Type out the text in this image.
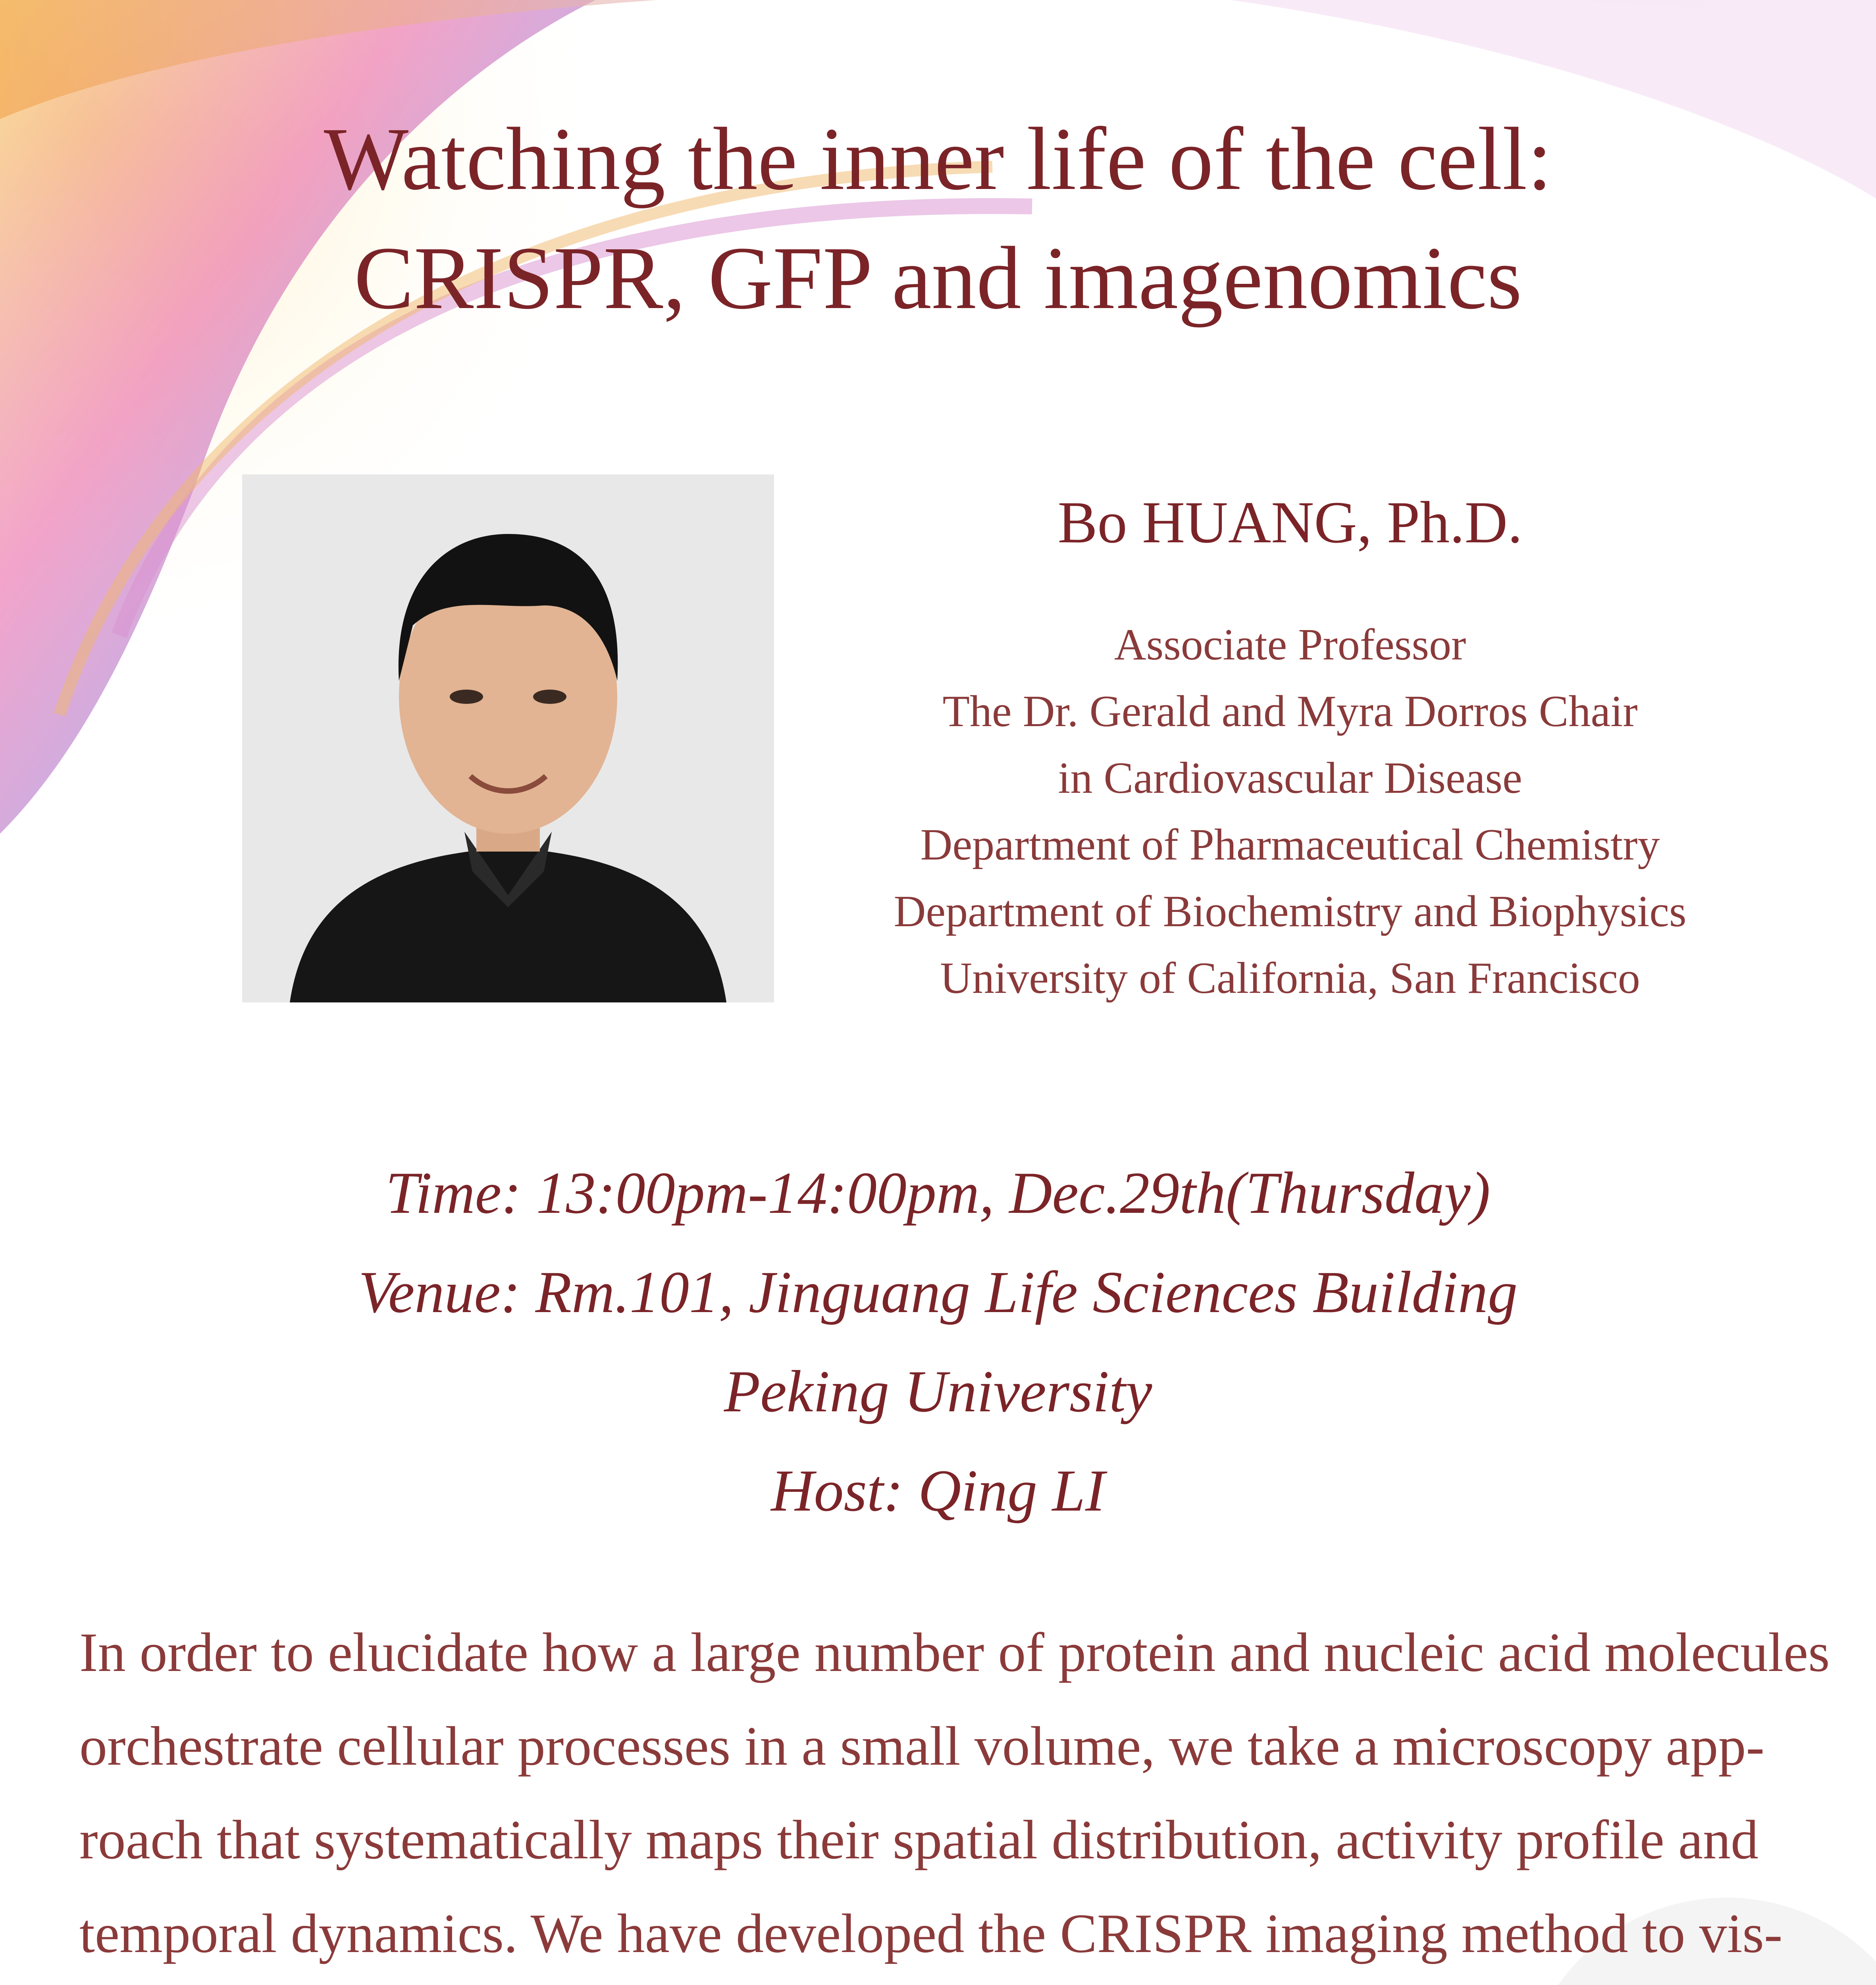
Watching the inner life of the cell:
CRISPR, GFP and imagenomics
Bo HUANG, Ph.D.
Associate Professor
The Dr. Gerald and Myra Dorros Chair
in Cardiovascular Disease
Department of Pharmaceutical Chemistry
Department of Biochemistry and Biophysics
University of California, San Francisco
Time: 13:00pm-14:00pm, Dec.29th(Thursday)
Venue: Rm.101, Jinguang Life Sciences Building
Peking University
Host: Qing LI
In order to elucidate how a large number of protein and nucleic acid molecules
orchestrate cellular processes in a small volume, we take a microscopy app-
roach that systematically maps their spatial distribution, activity profile and
temporal dynamics. We have developed the CRISPR imaging method to vis-
